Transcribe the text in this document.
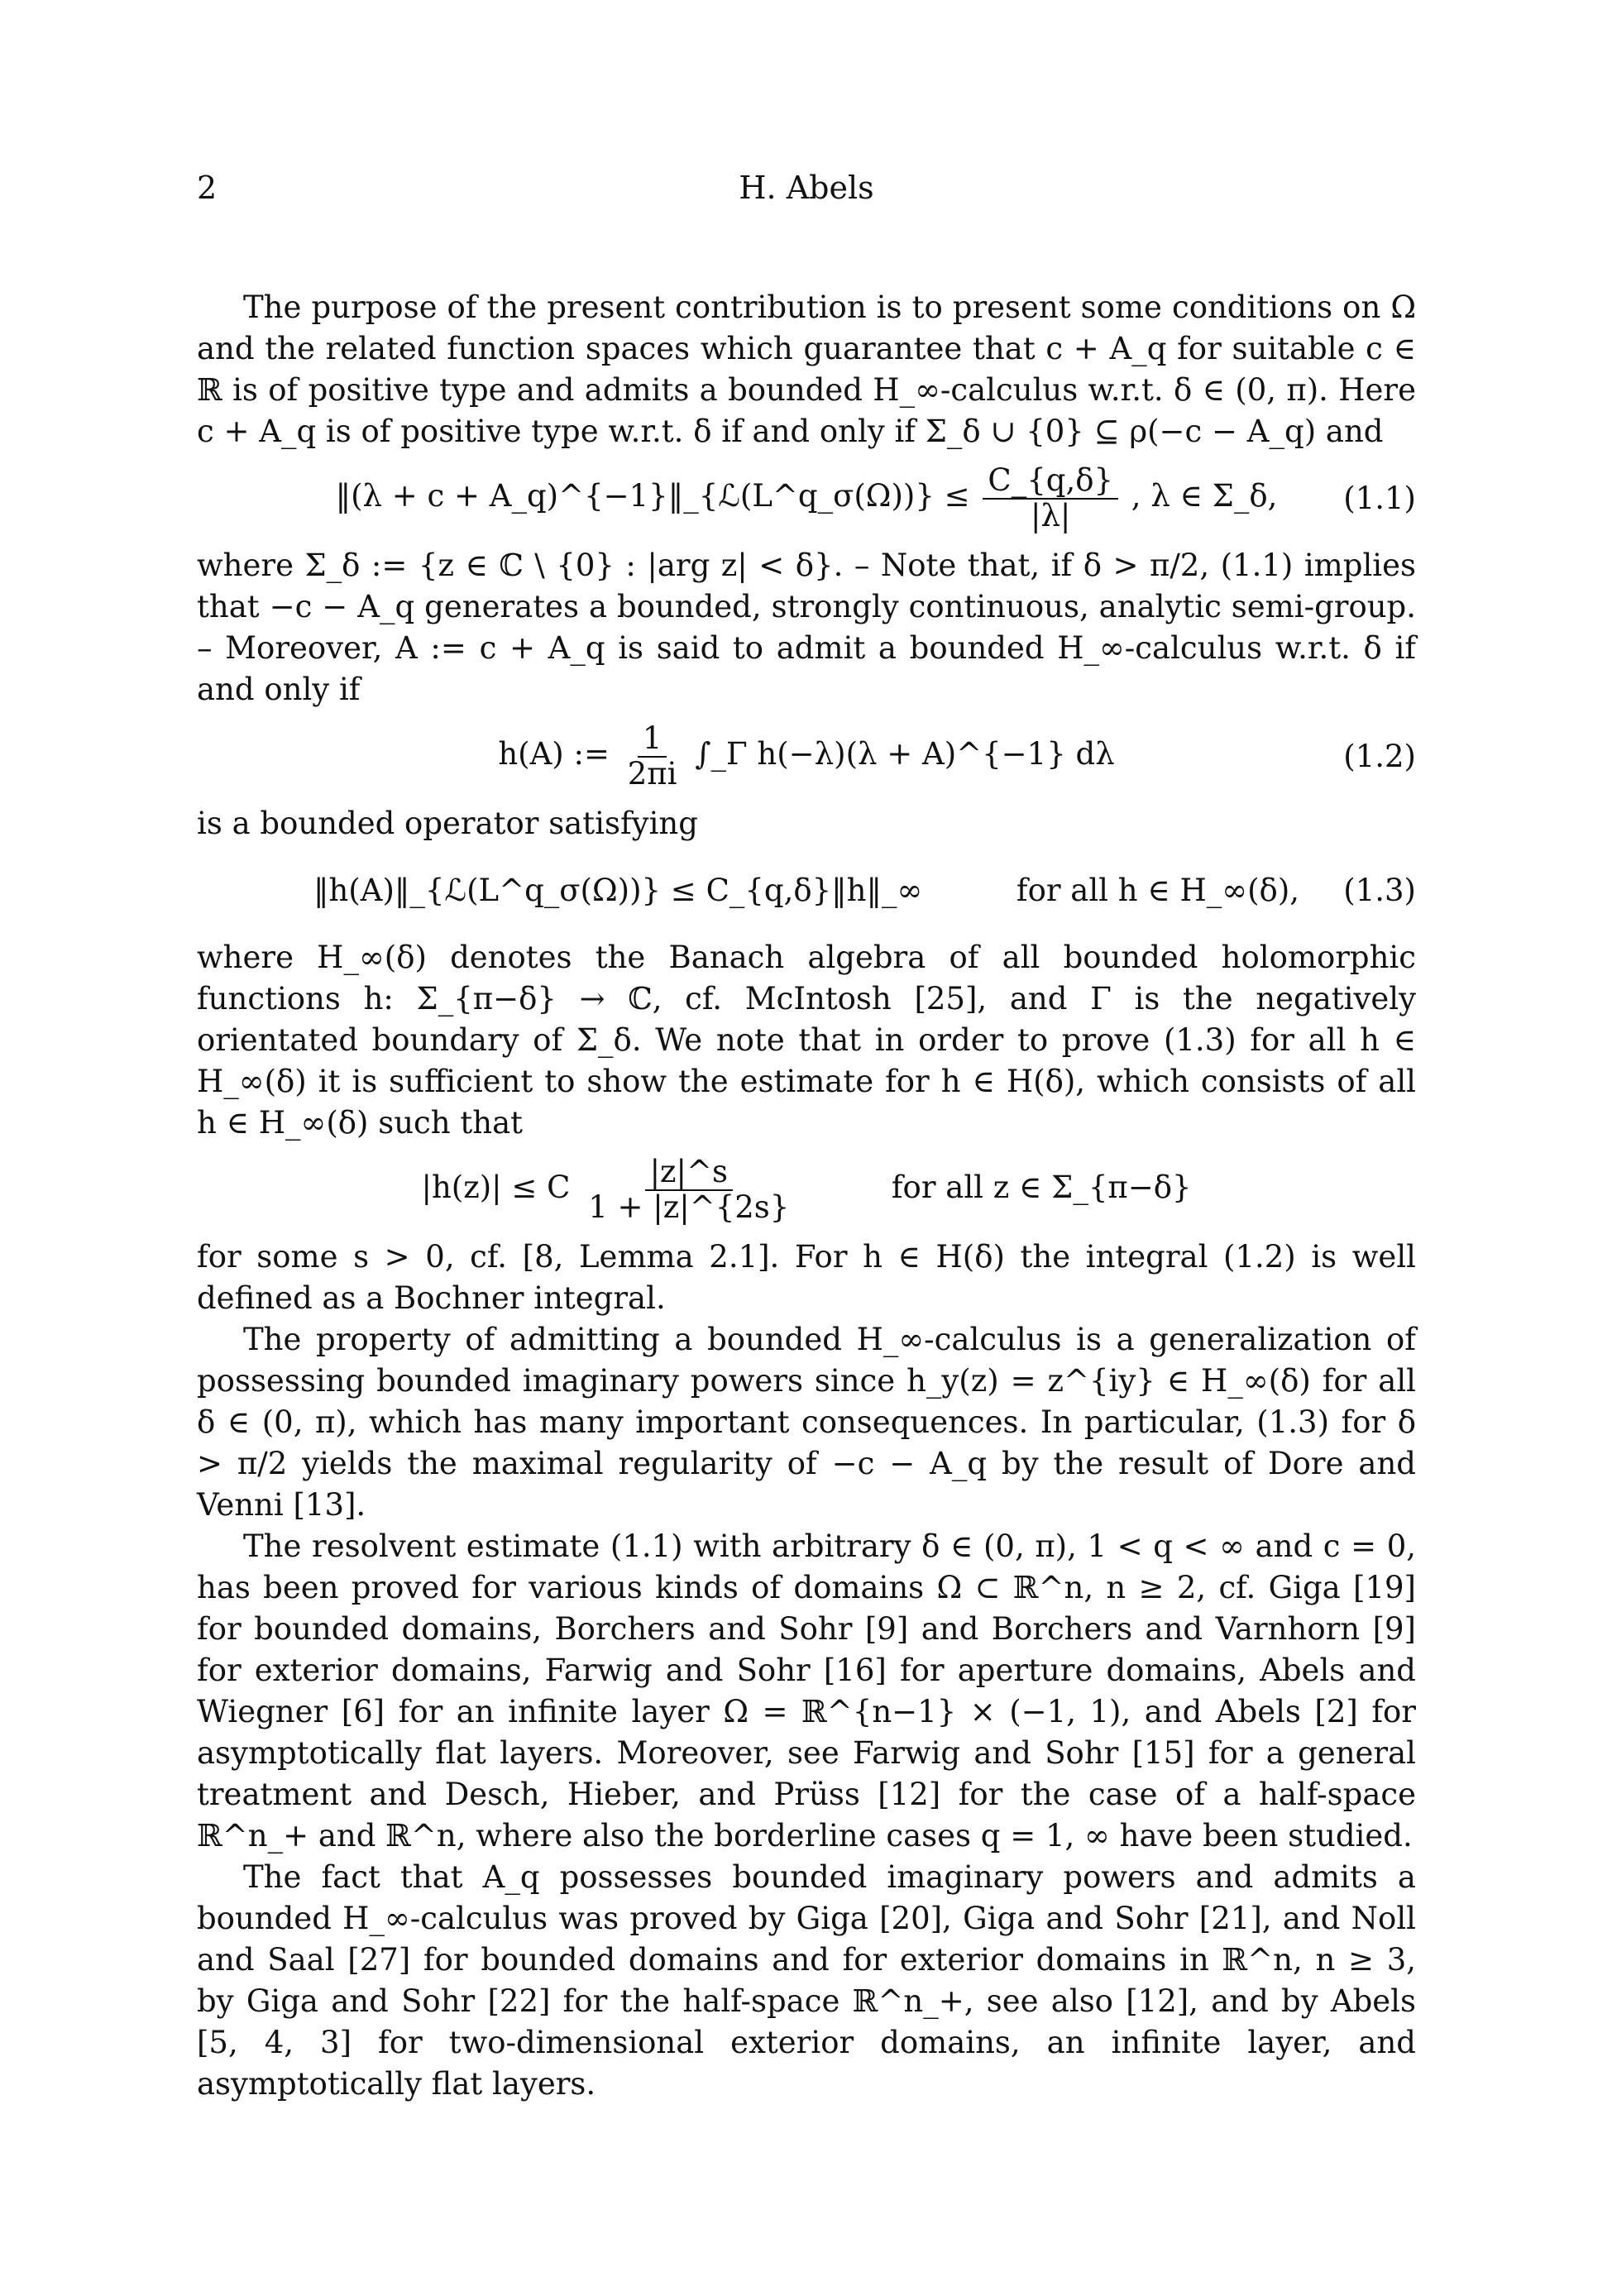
2	H. Abels

The purpose of the present contribution is to present some conditions on Ω and the related function spaces which guarantee that c + A_q for suitable c ∈ ℝ is of positive type and admits a bounded H_∞-calculus w.r.t. δ ∈ (0, π). Here c + A_q is of positive type w.r.t. δ if and only if Σ_δ ∪ {0} ⊆ ρ(−c − A_q) and

‖(λ + c + A_q)^{−1}‖_{ℒ(L^q_σ(Ω))} ≤ $\frac{C\_\{q,\delta\}}{|\lambda|}$ , λ ∈ Σ_δ,	(1.1)

where Σ_δ := {z ∈ ℂ \ {0} : |arg z| < δ}. – Note that, if δ > π/2, (1.1) implies that −c − A_q generates a bounded, strongly continuous, analytic semi-group. – Moreover, A := c + A_q is said to admit a bounded H_∞-calculus w.r.t. δ if and only if

h(A) := $\frac{1}{2\pi i}$ ∫_Γ h(−λ)(λ + A)^{−1} dλ	(1.2)

is a bounded operator satisfying

‖h(A)‖_{ℒ(L^q_σ(Ω))} ≤ C_{q,δ}‖h‖_∞	for all h ∈ H_∞(δ),	(1.3)

where H_∞(δ) denotes the Banach algebra of all bounded holomorphic functions h: Σ_{π−δ} → ℂ, cf. McIntosh [25], and Γ is the negatively orientated boundary of Σ_δ. We note that in order to prove (1.3) for all h ∈ H_∞(δ) it is sufficient to show the estimate for h ∈ H(δ), which consists of all h ∈ H_∞(δ) such that

|h(z)| ≤ C $\frac{|z|\^{}s}{1 + |z|\^{}\{2s\}}$	for all z ∈ Σ_{π−δ}

for some s > 0, cf. [8, Lemma 2.1]. For h ∈ H(δ) the integral (1.2) is well defined as a Bochner integral.

The property of admitting a bounded H_∞-calculus is a generalization of possessing bounded imaginary powers since h_y(z) = z^{iy} ∈ H_∞(δ) for all δ ∈ (0, π), which has many important consequences. In particular, (1.3) for δ > π/2 yields the maximal regularity of −c − A_q by the result of Dore and Venni [13].

The resolvent estimate (1.1) with arbitrary δ ∈ (0, π), 1 < q < ∞ and c = 0, has been proved for various kinds of domains Ω ⊂ ℝ^n, n ≥ 2, cf. Giga [19] for bounded domains, Borchers and Sohr [9] and Borchers and Varnhorn [9] for exterior domains, Farwig and Sohr [16] for aperture domains, Abels and Wiegner [6] for an infinite layer Ω = ℝ^{n−1} × (−1, 1), and Abels [2] for asymptotically flat layers. Moreover, see Farwig and Sohr [15] for a general treatment and Desch, Hieber, and Prüss [12] for the case of a half-space ℝ^n_+ and ℝ^n, where also the borderline cases q = 1, ∞ have been studied.

The fact that A_q possesses bounded imaginary powers and admits a bounded H_∞-calculus was proved by Giga [20], Giga and Sohr [21], and Noll and Saal [27] for bounded domains and for exterior domains in ℝ^n, n ≥ 3, by Giga and Sohr [22] for the half-space ℝ^n_+, see also [12], and by Abels [5, 4, 3] for two-dimensional exterior domains, an infinite layer, and asymptotically flat layers.
